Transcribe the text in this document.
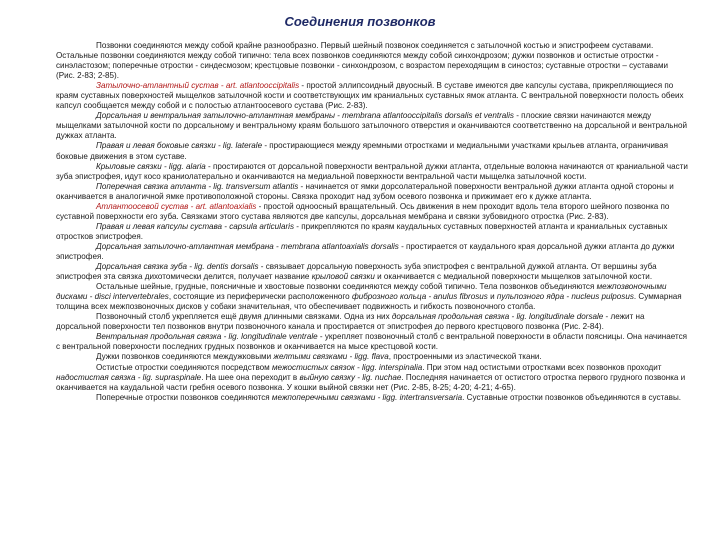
Соединения позвонков

Позвонки соединяются между собой крайне разнообразно. Первый шейный позвонок соединяется с затылочной костью и эпистрофеем суставами. Остальные позвонки соединяются между собой типично: тела всех позвонков соединяются между собой синхондрозом; дужки позвонков и остистые отростки - синэластозом; поперечные отростки - синдесмозом; крестцовые позвонки - синхондрозом, с возрастом переходящим в синостоз; суставные отростки – суставами (Рис. 2-83; 2-85).

Затылочно-атлантный сустав - art. atlantooccipitalis - простой эллипсоидный двуосный. В суставе имеются две капсулы сустава, прикрепляющиеся по краям суставных поверхностей мыщелков затылочной кости и соответствующих им краниальных суставных ямок атланта. С вентральной поверхности полость обеих капсул сообщается между собой и с полостью атлантоосевого сустава (Рис. 2-83).

Дорсальная и вентральная затылочно-атлантная мембраны - membrana atlantooccipitalis dorsalis et ventralis - плоские связки начинаются между мыщелками затылочной кости по дорсальному и вентральному краям большого затылочного отверстия и оканчиваются соответственно на дорсальной и вентральной дужках атланта.

Правая и левая боковые связки - lig. laterale - простирающиеся между яремными отростками и медиальными участками крыльев атланта, ограничивая боковые движения в этом суставе.

Крыловые связки - ligg. alaria - простираются от дорсальной поверхности вентральной дужки атланта, отдельные волокна начинаются от краниальной части зуба эпистрофея, идут косо краниолатерально и оканчиваются на медиальной поверхности вентральной части мыщелка затылочной кости.

Поперечная связка атланта - lig. transversum atlantis - начинается от ямки дорсолатеральной поверхности вентральной дужки атланта одной стороны и оканчивается в аналогичной ямке противоположной стороны. Связка проходит над зубом осевого позвонка и прижимает его к дужке атланта.

Атлантоосевой сустав - art. atlantoaxialis - простой одноосный вращательный. Ось движения в нем проходит вдоль тела второго шейного позвонка по суставной поверхности его зуба. Связками этого сустава являются две капсулы, дорсальная мембрана и связки зубовидного отростка (Рис. 2-83).

Правая и левая капсулы сустава - capsula articularis - прикрепляются по краям каудальных суставных поверхностей атланта и краниальных суставных отростков эпистрофея.

Дорсальная затылочно-атлантная мембрана - membrana atlantoaxialis dorsalis - простирается от каудального края дорсальной дужки атланта до дужки эпистрофея.

Дорсальная связка зуба - lig. dentis dorsalis - связывает дорсальную поверхность зуба эпистрофея с вентральной дужкой атланта. От вершины зуба эпистрофея эта связка дихотомически делится, получает название крыловой связки и оканчивается с медиальной поверхности мыщелков затылочной кости.

Остальные шейные, грудные, поясничные и хвостовые позвонки соединяются между собой типично. Тела позвонков объединяются межпозвоночными дисками - disci intervertebrales, состоящие из периферически расположенного фиброзного кольца - anulus fibrosus и пульпозного ядра - nucleus pulposus. Суммарная толщина всех межпозвоночных дисков у собаки значительная, что обеспечивает подвижность и гибкость позвоночного столба.

Позвоночный столб укрепляется ещё двумя длинными связками. Одна из них дорсальная продольная связка - lig. longitudinale dorsale - лежит на дорсальной поверхности тел позвонков внутри позвоночного канала и простирается от эпистрофея до первого крестцового позвонка (Рис. 2-84).

Вентральная продольная связка - lig. longitudinale ventrale - укрепляет позвоночный столб с вентральной поверхности в области поясницы. Она начинается с вентральной поверхности последних грудных позвонков и оканчивается на мысе крестцовой кости.

Дужки позвонков соединяются междужковыми желтыми связками - ligg. flava, простроенными из эластической ткани.

Остистые отростки соединяются посредством межостистых связок - ligg. interspinalia. При этом над остистыми отростками всех позвонков проходит надостистая связка - lig. supraspinale. На шее она переходит в выйную связку - lig. nuchae. Последняя начинается от остистого отростка первого грудного позвонка и оканчивается на каудальной части гребня осевого позвонка. У кошки выйной связки нет (Рис. 2-85, 8-25; 4-20; 4-21; 4-65).

Поперечные отростки позвонков соединяются межпоперечными связками - ligg. intertransversaria. Суставные отростки позвонков объединяются в суставы.
